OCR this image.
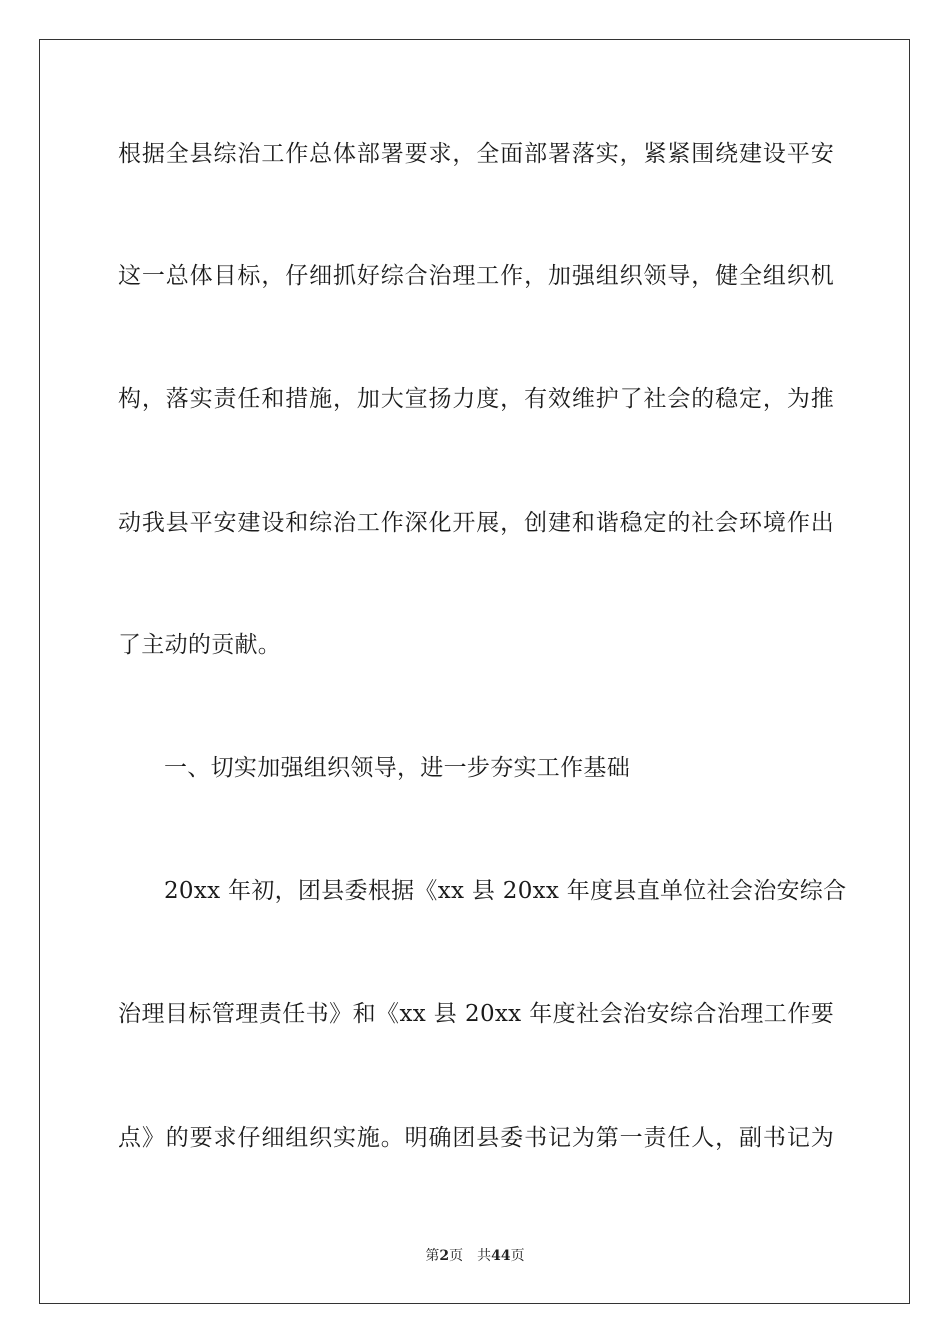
根据全县综治工作总体部署要求，全面部署落实，紧紧围绕建设平安
这一总体目标，仔细抓好综合治理工作，加强组织领导，健全组织机
构，落实责任和措施，加大宣扬力度，有效维护了社会的稳定，为推
动我县平安建设和综治工作深化开展，创建和谐稳定的社会环境作出
了主动的贡献。
一、切实加强组织领导，进一步夯实工作基础
20xx 年初，团县委根据《xx 县 20xx 年度县直单位社会治安综合
治理目标管理责任书》和《xx 县 20xx 年度社会治安综合治理工作要
点》的要求仔细组织实施。明确团县委书记为第一责任人，副书记为
第2页 共44页
